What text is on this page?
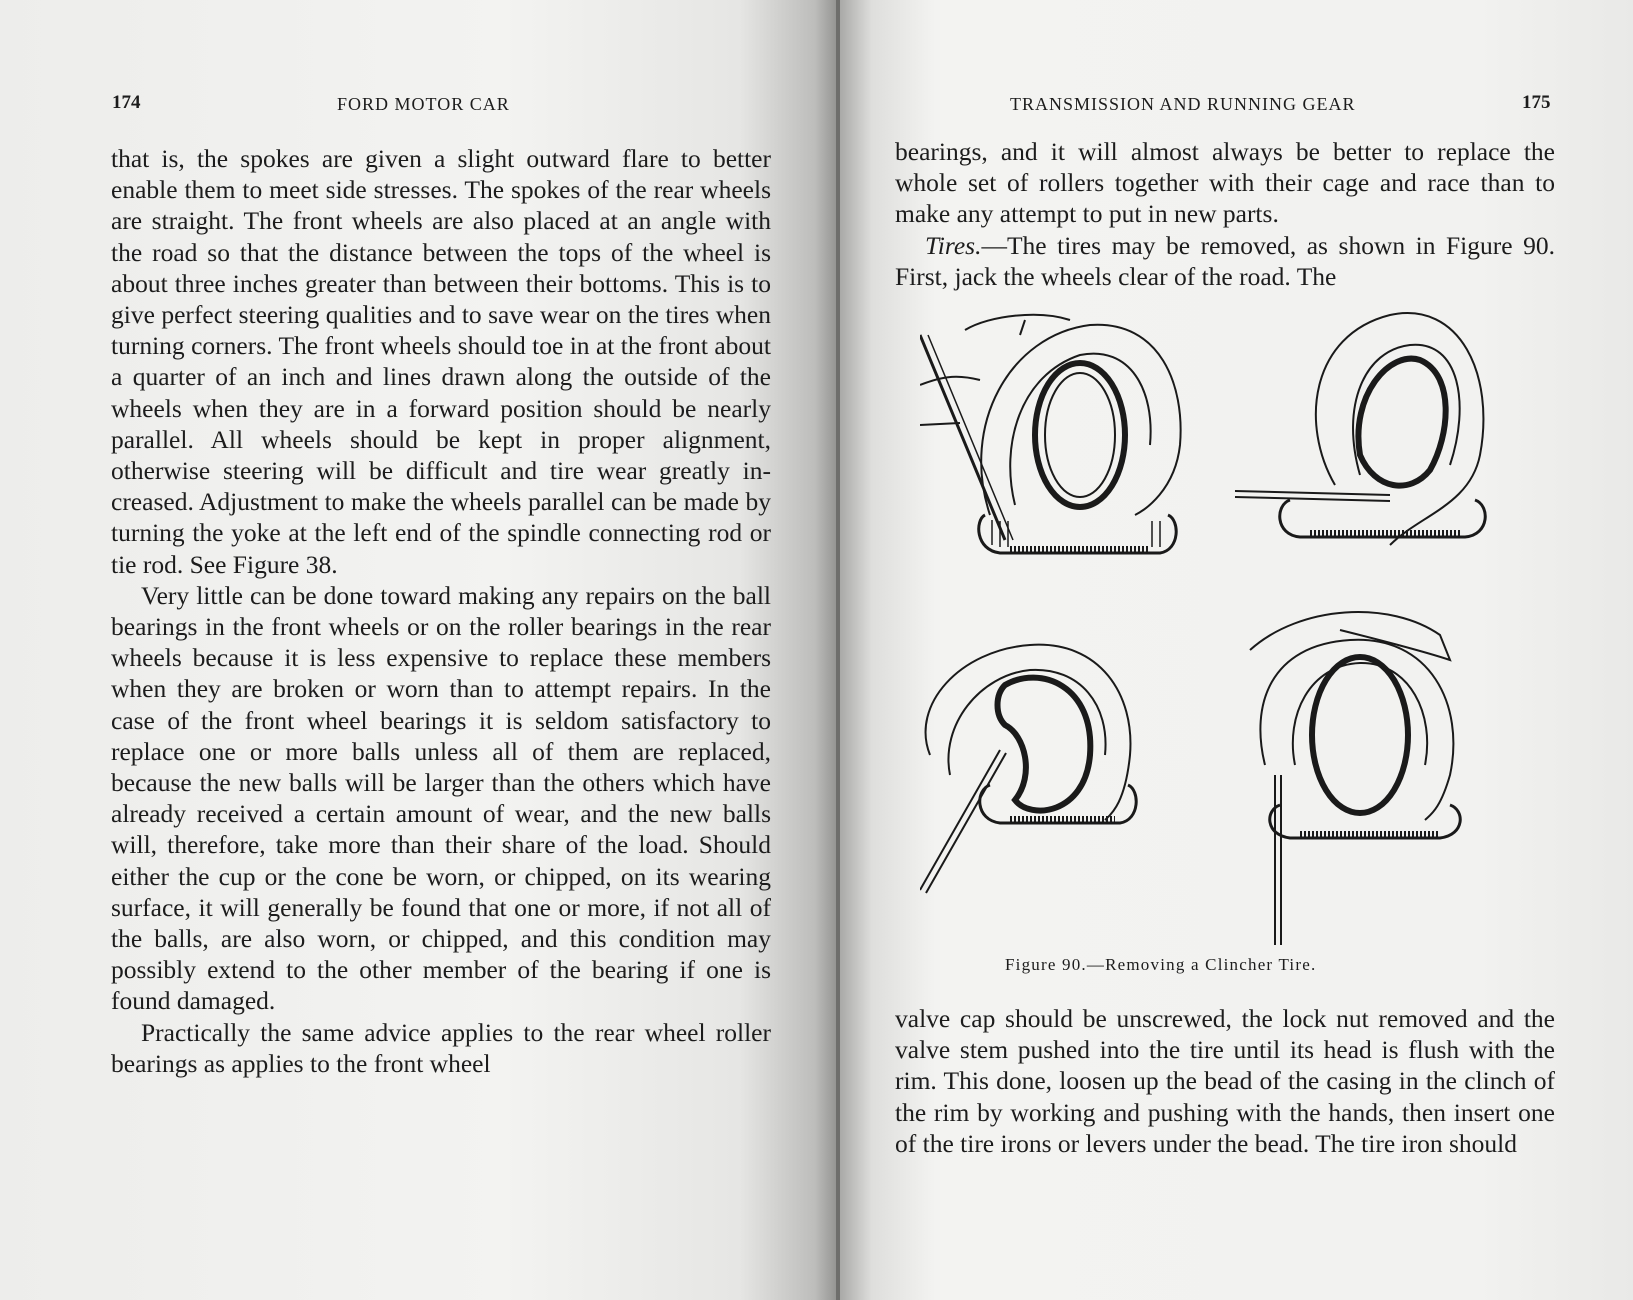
174	FORD MOTOR CAR

that is, the spokes are given a slight outward flare to better enable them to meet side stresses. The spokes of the rear wheels are straight. The front wheels are also placed at an angle with the road so that the distance between the tops of the wheel is about three inches greater than between their bottoms. This is to give perfect steering qualities and to save wear on the tires when turning corners. The front wheels should toe in at the front about a quarter of an inch and lines drawn along the outside of the wheels when they are in a forward position should be nearly parallel. All wheels should be kept in proper alignment, otherwise steering will be difficult and tire wear greatly increased. Adjustment to make the wheels parallel can be made by turning the yoke at the left end of the spindle connecting rod or tie rod. See Figure 38.

Very little can be done toward making any repairs on the ball bearings in the front wheels or on the roller bearings in the rear wheels because it is less expensive to replace these members when they are broken or worn than to attempt repairs. In the case of the front wheel bearings it is seldom satisfactory to replace one or more balls unless all of them are replaced, because the new balls will be larger than the others which have already received a certain amount of wear, and the new balls will, therefore, take more than their share of the load. Should either the cup or the cone be worn, or chipped, on its wearing surface, it will generally be found that one or more, if not all of the balls, are also worn, or chipped, and this condition may possibly extend to the other member of the bearing if one is found damaged.

Practically the same advice applies to the rear wheel roller bearings as applies to the front wheel

TRANSMISSION AND RUNNING GEAR	175

bearings, and it will almost always be better to replace the whole set of rollers together with their cage and race than to make any attempt to put in new parts.

Tires.—The tires may be removed, as shown in Figure 90. First, jack the wheels clear of the road. The

Figure 90.—Removing a Clincher Tire.

valve cap should be unscrewed, the lock nut removed and the valve stem pushed into the tire until its head is flush with the rim. This done, loosen up the bead of the casing in the clinch of the rim by working and pushing with the hands, then insert one of the tire irons or levers under the bead. The tire iron should
